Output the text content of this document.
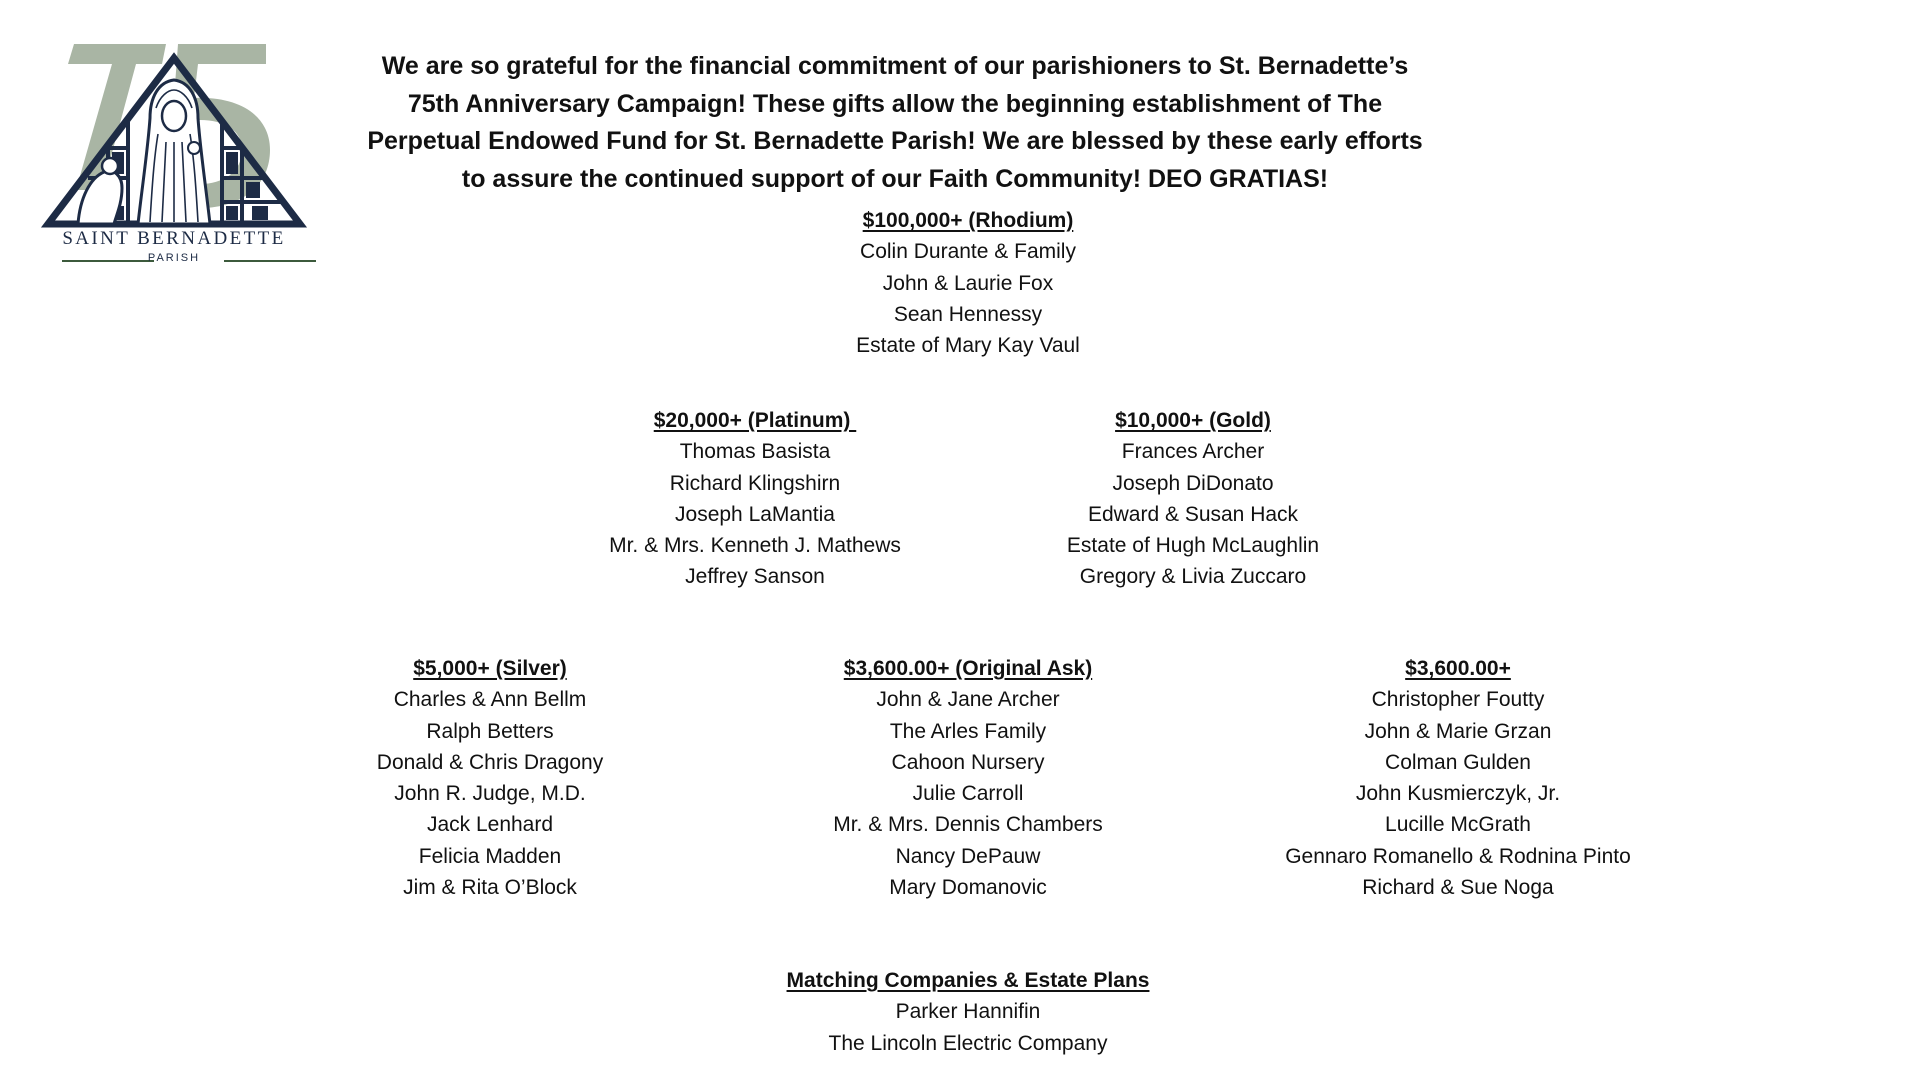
SAINT BERNADETTE
PARISH
We are so grateful for the financial commitment of our parishioners to St. Bernadette’s 75th Anniversary Campaign! These gifts allow the beginning establishment of The Perpetual Endowed Fund for St. Bernadette Parish! We are blessed by these early efforts to assure the continued support of our Faith Community! DEO GRATIAS!
$100,000+ (Rhodium)
Colin Durante & Family
John & Laurie Fox
Sean Hennessy
Estate of Mary Kay Vaul
$20,000+ (Platinum)
Thomas Basista
Richard Klingshirn
Joseph LaMantia
Mr. & Mrs. Kenneth J. Mathews
Jeffrey Sanson
$10,000+ (Gold)
Frances Archer
Joseph DiDonato
Edward & Susan Hack
Estate of Hugh McLaughlin
Gregory & Livia Zuccaro
$5,000+ (Silver)
Charles & Ann Bellm
Ralph Betters
Donald & Chris Dragony
John R. Judge, M.D.
Jack Lenhard
Felicia Madden
Jim & Rita O’Block
$3,600.00+ (Original Ask)
John & Jane Archer
The Arles Family
Cahoon Nursery
Julie Carroll
Mr. & Mrs. Dennis Chambers
Nancy DePauw
Mary Domanovic
$3,600.00+
Christopher Foutty
John & Marie Grzan
Colman Gulden
John Kusmierczyk, Jr.
Lucille McGrath
Gennaro Romanello & Rodnina Pinto
Richard & Sue Noga
Matching Companies & Estate Plans
Parker Hannifin
The Lincoln Electric Company
